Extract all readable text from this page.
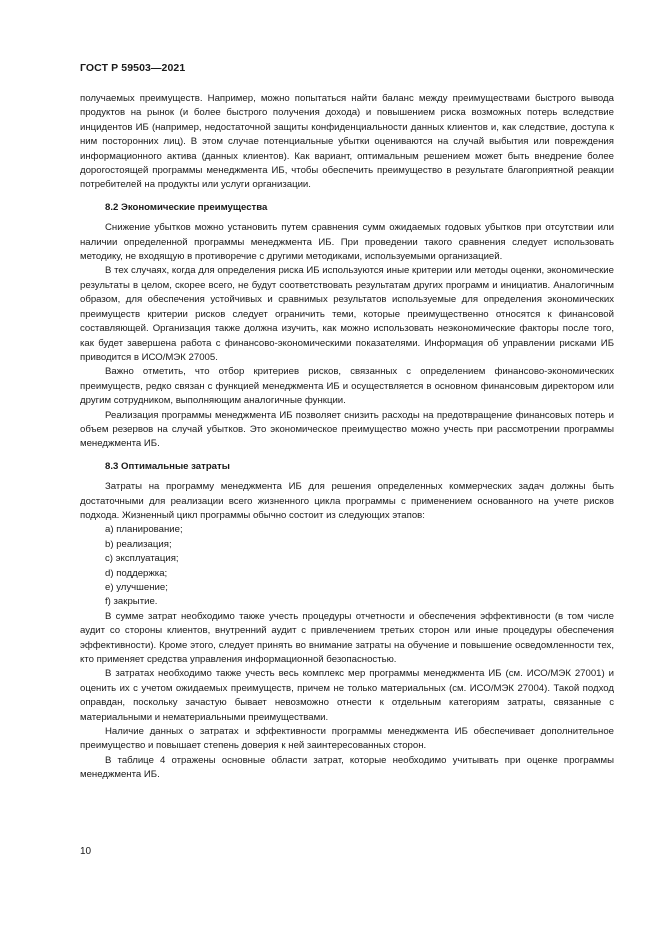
ГОСТ Р 59503—2021

получаемых преимуществ. Например, можно попытаться найти баланс между преимуществами быстрого вывода продуктов на рынок (и более быстрого получения дохода) и повышением риска возможных потерь вследствие инцидентов ИБ (например, недостаточной защиты конфиденциальности данных клиентов и, как следствие, доступа к ним посторонних лиц). В этом случае потенциальные убытки оцениваются на случай выбытия или повреждения информационного актива (данных клиентов). Как вариант, оптимальным решением может быть внедрение более дорогостоящей программы менеджмента ИБ, чтобы обеспечить преимущество в результате благоприятной реакции потребителей на продукты или услуги организации.

8.2 Экономические преимущества

Снижение убытков можно установить путем сравнения сумм ожидаемых годовых убытков при отсутствии или наличии определенной программы менеджмента ИБ. При проведении такого сравнения следует использовать методику, не входящую в противоречие с другими методиками, используемыми организацией.

В тех случаях, когда для определения риска ИБ используются иные критерии или методы оценки, экономические результаты в целом, скорее всего, не будут соответствовать результатам других программ и инициатив. Аналогичным образом, для обеспечения устойчивых и сравнимых результатов используемые для определения экономических преимуществ критерии рисков следует ограничить теми, которые преимущественно относятся к финансовой составляющей. Организация также должна изучить, как можно использовать неэкономические факторы после того, как будет завершена работа с финансово-экономическими показателями. Информация об управлении рисками ИБ приводится в ИСО/МЭК 27005.

Важно отметить, что отбор критериев рисков, связанных с определением финансово-экономических преимуществ, редко связан с функцией менеджмента ИБ и осуществляется в основном финансовым директором или другим сотрудником, выполняющим аналогичные функции.

Реализация программы менеджмента ИБ позволяет снизить расходы на предотвращение финансовых потерь и объем резервов на случай убытков. Это экономическое преимущество можно учесть при рассмотрении программы менеджмента ИБ.

8.3 Оптимальные затраты

Затраты на программу менеджмента ИБ для решения определенных коммерческих задач должны быть достаточными для реализации всего жизненного цикла программы с применением основанного на учете рисков подхода. Жизненный цикл программы обычно состоит из следующих этапов:

а) планирование;
b) реализация;
c) эксплуатация;
d) поддержка;
e) улучшение;
f) закрытие.

В сумме затрат необходимо также учесть процедуры отчетности и обеспечения эффективности (в том числе аудит со стороны клиентов, внутренний аудит с привлечением третьих сторон или иные процедуры обеспечения эффективности). Кроме этого, следует принять во внимание затраты на обучение и повышение осведомленности тех, кто применяет средства управления информационной безопасностью.

В затратах необходимо также учесть весь комплекс мер программы менеджмента ИБ (см. ИСО/МЭК 27001) и оценить их с учетом ожидаемых преимуществ, причем не только материальных (см. ИСО/МЭК 27004). Такой подход оправдан, поскольку зачастую бывает невозможно отнести к отдельным категориям затраты, связанные с материальными и нематериальными преимуществами.

Наличие данных о затратах и эффективности программы менеджмента ИБ обеспечивает дополнительное преимущество и повышает степень доверия к ней заинтересованных сторон.

В таблице 4 отражены основные области затрат, которые необходимо учитывать при оценке программы менеджмента ИБ.

10
